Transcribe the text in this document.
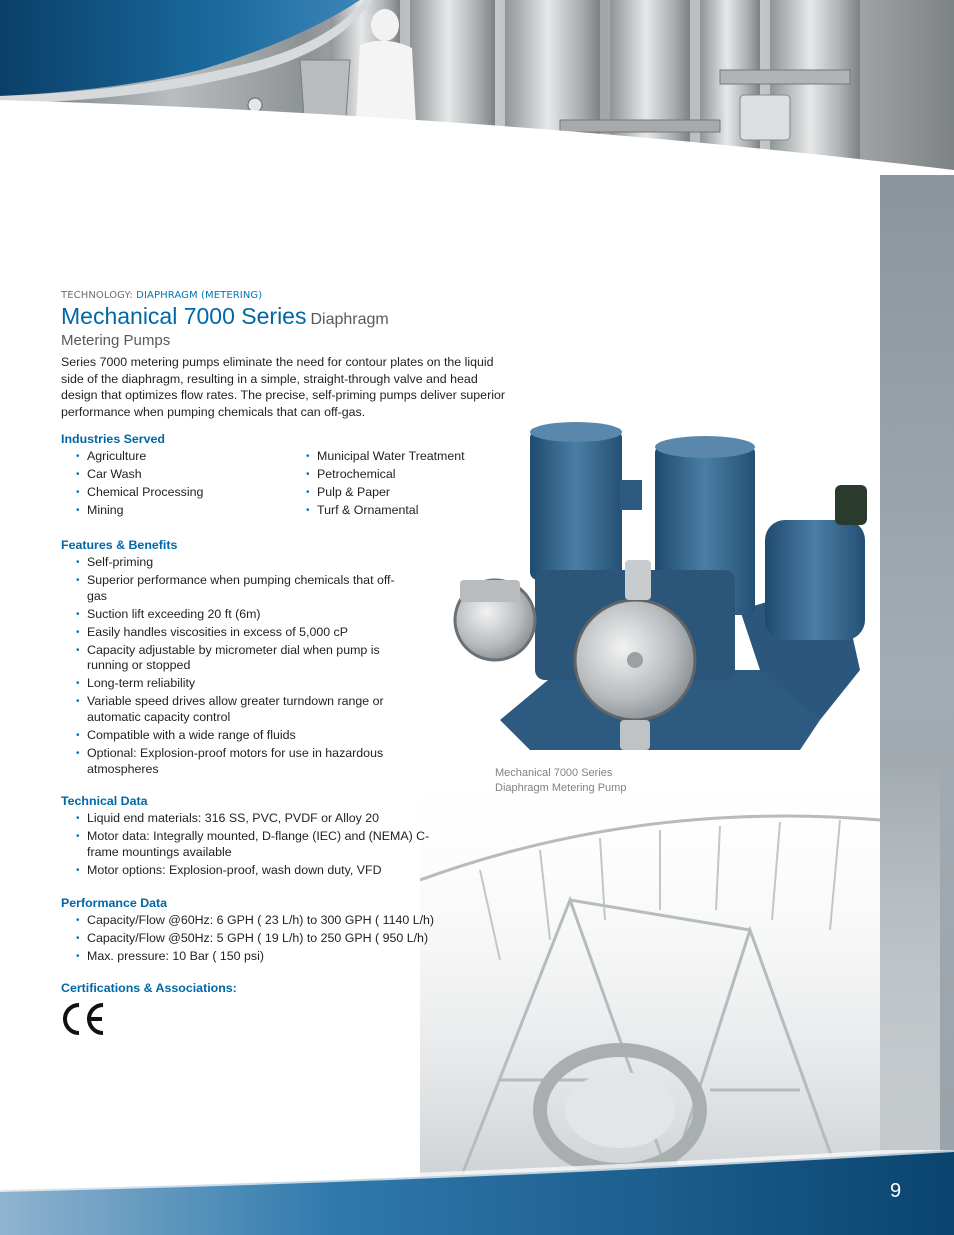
Mechanical 7000 Series
Diaphragm Metering Pump

TECHNOLOGY: DIAPHRAGM (METERING)

Mechanical 7000 Series Diaphragm

Metering Pumps

Series 7000 metering pumps eliminate the need for contour plates on the liquid side of the diaphragm, resulting in a simple, straight-through valve and head design that optimizes flow rates. The precise, self-priming pumps deliver superior performance when pumping chemicals that can off-gas.

Industries Served

• Agriculture
• Car Wash
• Chemical Processing
• Mining
• Municipal Water Treatment
• Petrochemical
• Pulp & Paper
• Turf & Ornamental

Features & Benefits

• Self-priming
• Superior performance when pumping chemicals that off-gas
• Suction lift exceeding 20 ft (6m)
• Easily handles viscosities in excess of 5,000 cP
• Capacity adjustable by micrometer dial when pump is running or stopped
• Long-term reliability
• Variable speed drives allow greater turndown range or automatic capacity control
• Compatible with a wide range of fluids
• Optional: Explosion-proof motors for use in hazardous atmospheres

Technical Data

• Liquid end materials: 316 SS, PVC, PVDF or Alloy 20
• Motor data: Integrally mounted, D-flange (IEC) and (NEMA) C-frame mountings available
• Motor options: Explosion-proof, wash down duty, VFD

Performance Data

• Capacity/Flow @60Hz: 6 GPH ( 23 L/h) to 300 GPH ( 1140 L/h)
• Capacity/Flow @50Hz: 5 GPH ( 19 L/h) to 250 GPH ( 950 L/h)
• Max. pressure: 10 Bar ( 150 psi)

Certifications & Associations:

9
